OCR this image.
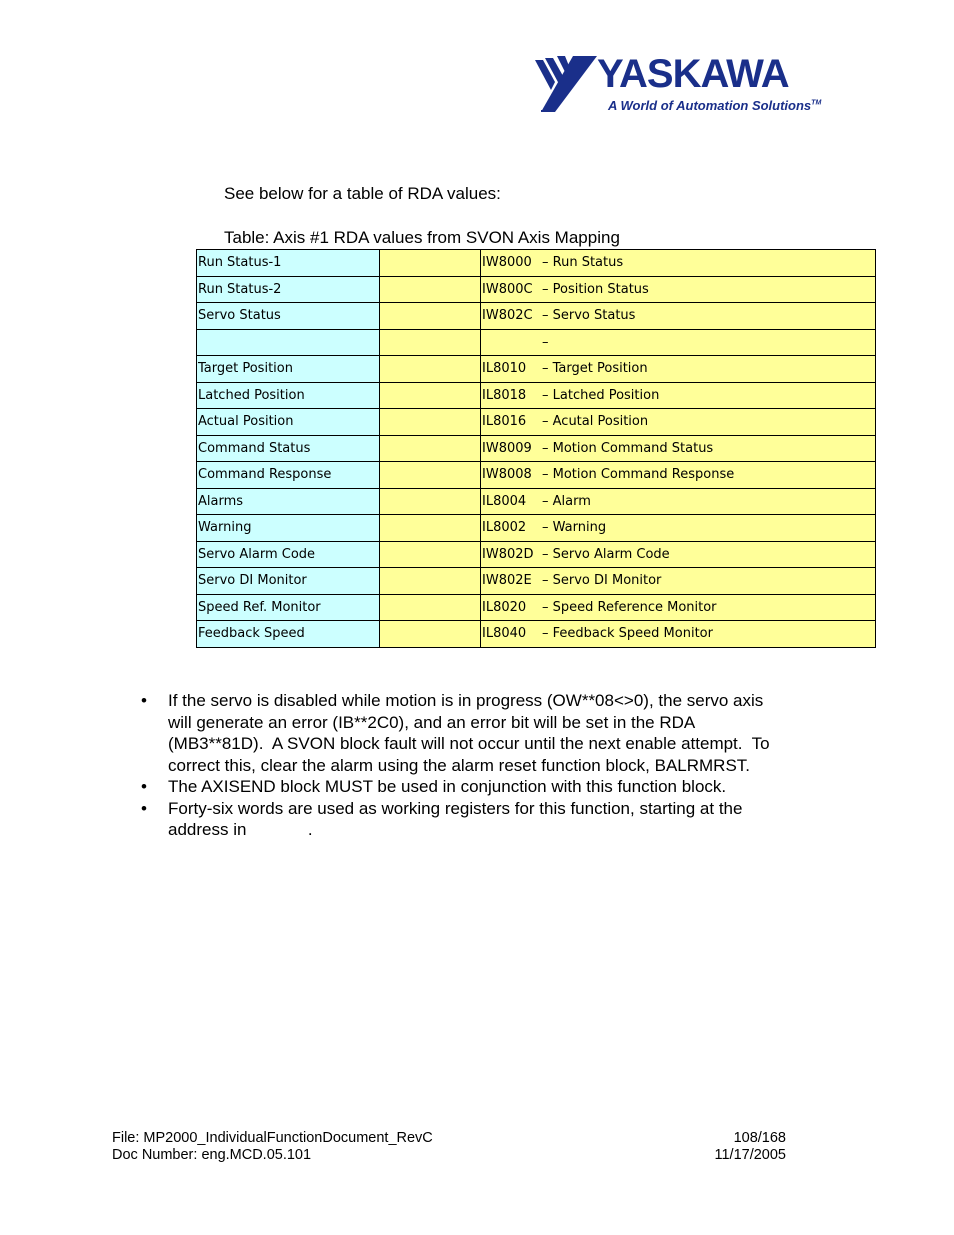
YASKAWA
A World of Automation Solutions™
See below for a table of RDA values:
Table: Axis #1 RDA values from SVON Axis Mapping
Run Status-1		IW8000 – Run Status
Run Status-2		IW800C – Position Status
Servo Status		IW802C – Servo Status
		–
Target Position		IL8010 – Target Position
Latched Position		IL8018 – Latched Position
Actual Position		IL8016 – Acutal Position
Command Status		IW8009 – Motion Command Status
Command Response		IW8008 – Motion Command Response
Alarms		IL8004 – Alarm
Warning		IL8002 – Warning
Servo Alarm Code		IW802D – Servo Alarm Code
Servo DI Monitor		IW802E – Servo DI Monitor
Speed Ref. Monitor		IL8020 – Speed Reference Monitor
Feedback Speed		IL8040 – Feedback Speed Monitor
• If the servo is disabled while motion is in progress (OW**08<>0), the servo axis
will generate an error (IB**2C0), and an error bit will be set in the RDA
(MB3**81D).  A SVON block fault will not occur until the next enable attempt.  To
correct this, clear the alarm using the alarm reset function block, BALRMRST.
• The AXISEND block MUST be used in conjunction with this function block.
• Forty-six words are used as working registers for this function, starting at the
address in             .
File: MP2000_IndividualFunctionDocument_RevC	108/168
Doc Number: eng.MCD.05.101	11/17/2005
